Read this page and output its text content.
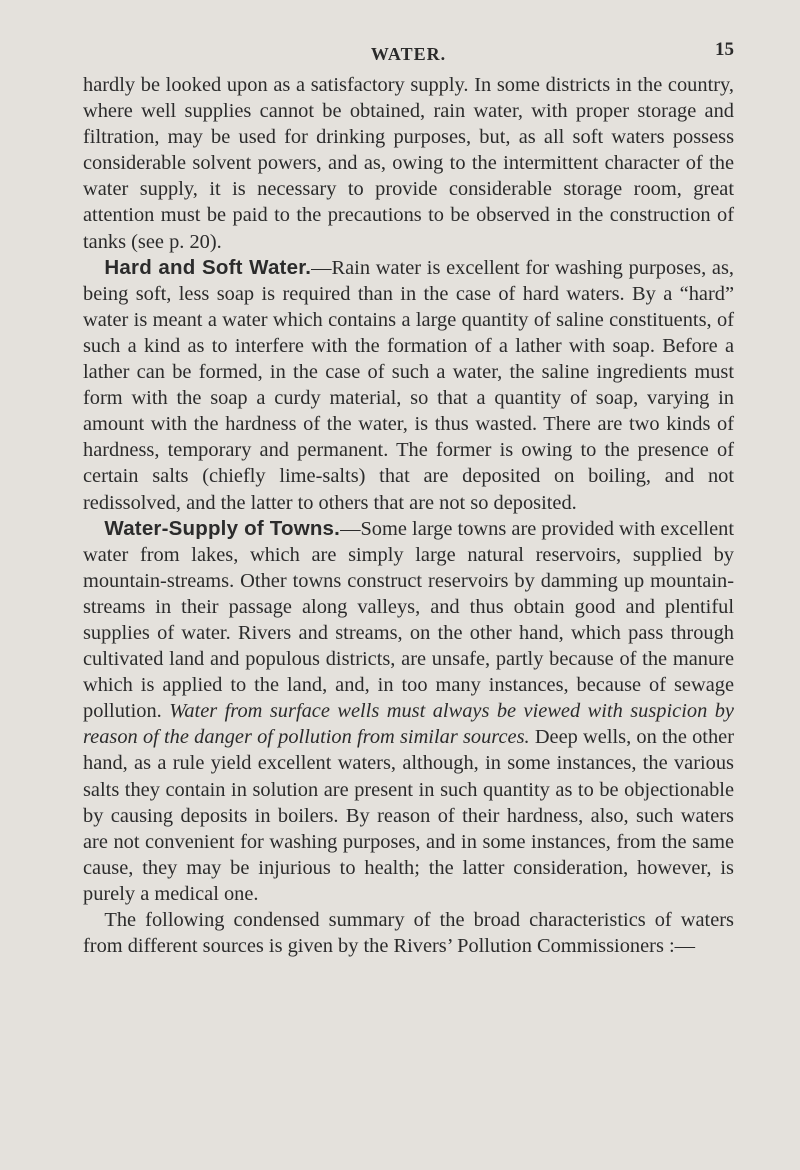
WATER.	15

hardly be looked upon as a satisfactory supply. In some districts in the country, where well supplies cannot be obtained, rain water, with proper storage and filtration, may be used for drinking purposes, but, as all soft waters possess considerable solvent powers, and as, owing to the intermittent character of the water supply, it is necessary to provide considerable storage room, great attention must be paid to the precautions to be observed in the construction of tanks (see p. 20).

Hard and Soft Water.—Rain water is excellent for washing purposes, as, being soft, less soap is required than in the case of hard waters. By a “hard” water is meant a water which contains a large quantity of saline constituents, of such a kind as to interfere with the formation of a lather with soap. Before a lather can be formed, in the case of such a water, the saline ingredients must form with the soap a curdy material, so that a quantity of soap, varying in amount with the hardness of the water, is thus wasted. There are two kinds of hardness, temporary and permanent. The former is owing to the presence of certain salts (chiefly lime-salts) that are deposited on boiling, and not redissolved, and the latter to others that are not so deposited.

Water-Supply of Towns.—Some large towns are provided with excellent water from lakes, which are simply large natural reservoirs, supplied by mountain-streams. Other towns construct reservoirs by damming up mountain-streams in their passage along valleys, and thus obtain good and plentiful supplies of water. Rivers and streams, on the other hand, which pass through cultivated land and populous districts, are unsafe, partly because of the manure which is applied to the land, and, in too many instances, because of sewage pollution. Water from surface wells must always be viewed with suspicion by reason of the danger of pollution from similar sources. Deep wells, on the other hand, as a rule yield excellent waters, although, in some instances, the various salts they contain in solution are present in such quantity as to be objectionable by causing deposits in boilers. By reason of their hardness, also, such waters are not convenient for washing purposes, and in some instances, from the same cause, they may be injurious to health; the latter consideration, however, is purely a medical one.

The following condensed summary of the broad characteristics of waters from different sources is given by the Rivers’ Pollution Commissioners :—
